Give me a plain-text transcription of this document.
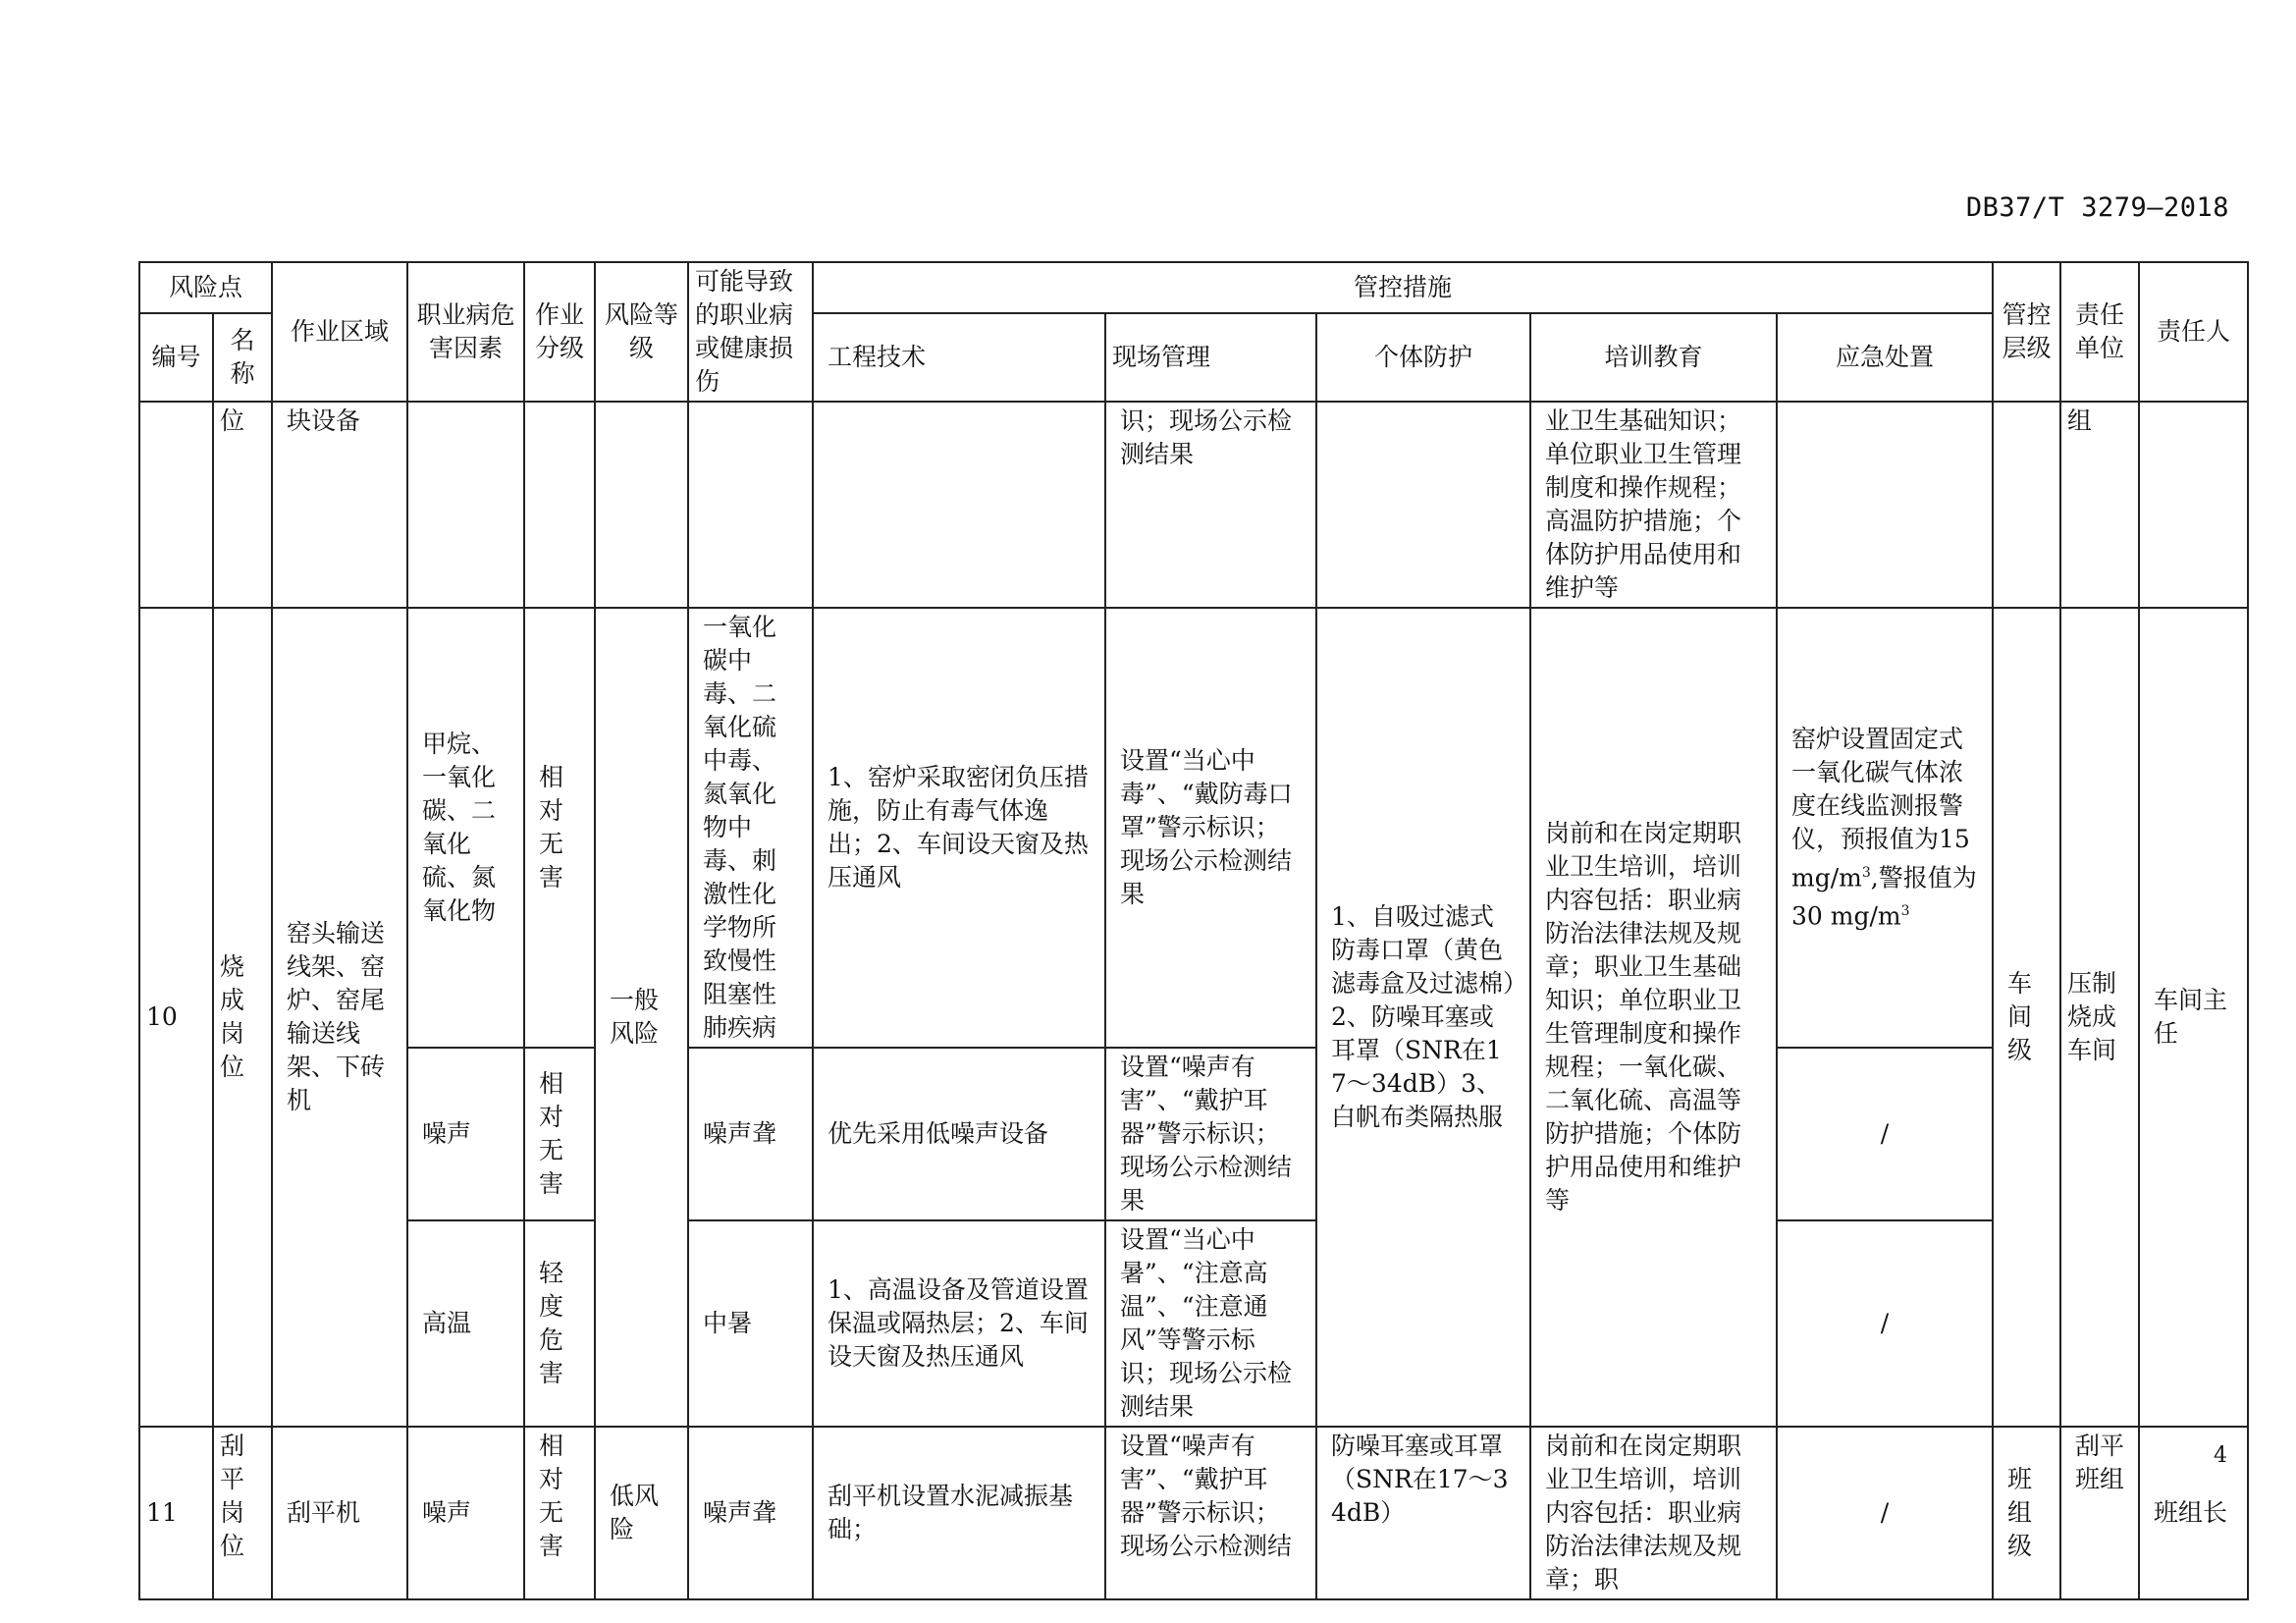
DB37/T 3279—2018
风险点		作业区域	职业病危害因素	作业分级	风险等级	可能导致的职业病或健康损伤	管控措施					管控层级	责任单位	责任人
编号	名称						工程技术	现场管理	个体防护	培训教育	应急处置			
	位	块设备						识；现场公示检测结果		业卫生基础知识；单位职业卫生管理制度和操作规程；高温防护措施；个体防护用品使用和维护等			组	
10	烧成岗位	窑头输送线架、窑炉、窑尾输送线架、下砖机	甲烷、一氧化碳、二氧化硫、氮氧化物	相对无害	一般风险	一氧化碳中毒、二氧化硫中毒、氮氧化物中毒、刺激性化学物所致慢性阻塞性肺疾病	1、窑炉采取密闭负压措施，防止有毒气体逸出；2、车间设天窗及热压通风	设置“当心中毒”、“戴防毒口罩”警示标识；现场公示检测结果	1、自吸过滤式防毒口罩（黄色滤毒盒及过滤棉）2、防噪耳塞或耳罩（SNR在17～34dB）3、白帆布类隔热服	岗前和在岗定期职业卫生培训，培训内容包括：职业病防治法律法规及规章；职业卫生基础知识；单位职业卫生管理制度和操作规程；一氧化碳、二氧化硫、高温等防护措施；个体防护用品使用和维护等	窑炉设置固定式一氧化碳气体浓度在线监测报警仪，预报值为$15mg/m^3$,警报值为30 $mg/m^3$	车间级	压制烧成车间	车间主任
			噪声	相对无害		噪声聋	优先采用低噪声设备	设置“噪声有害”、“戴护耳器”警示标识；现场公示检测结果			/			
			高温	轻度危害		中暑	1、高温设备及管道设置保温或隔热层；2、车间设天窗及热压通风	设置“当心中暑”、“注意高温”、“注意通风”等警示标识；现场公示检测结果			/			
11	刮平岗位	刮平机	噪声	相对无害	低风险	噪声聋	刮平机设置水泥减振基础；	设置“噪声有害”、“戴护耳器”警示标识；现场公示检测结	防噪耳塞或耳罩（SNR在17～34dB）	岗前和在岗定期职业卫生培训，培训内容包括：职业病防治法律法规及规章；职	/	班组级	刮平班组	班组长
4
